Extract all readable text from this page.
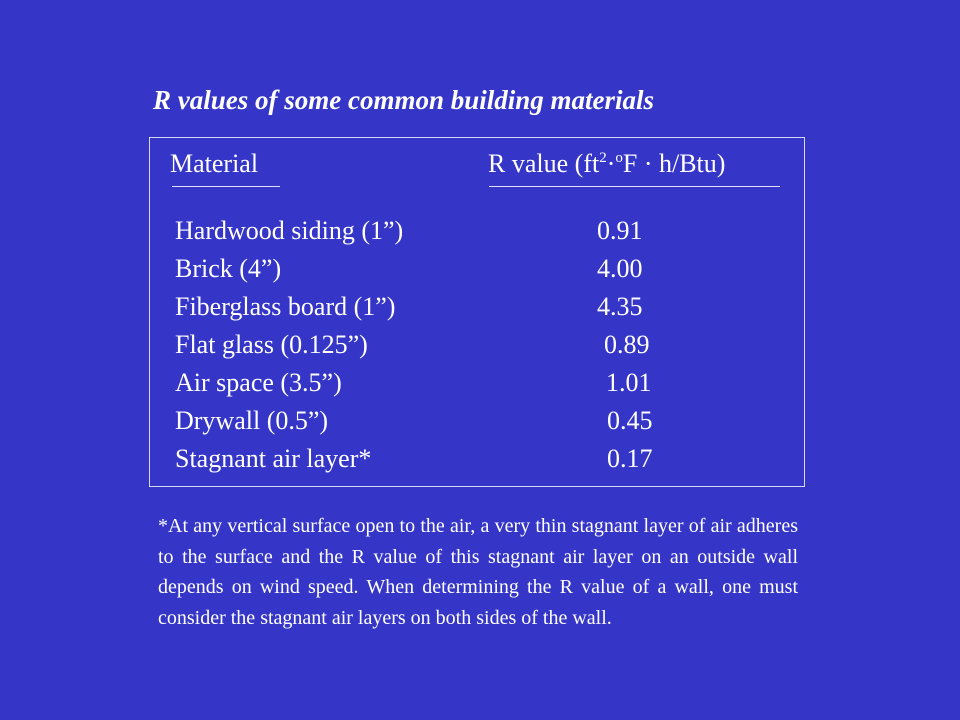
R values of some common building materials
Material	R value $(ft^2\cdot^oF \cdot h/Btu)$
Hardwood siding (1”)	0.91
Brick (4”)	4.00
Fiberglass board (1”)	4.35
Flat glass (0.125”)	0.89
Air space (3.5”)	1.01
Drywall (0.5”)	0.45
Stagnant air layer*	0.17
*At any vertical surface open to the air, a very thin stagnant layer of air adheres to the surface and the R value of this stagnant air layer on an outside wall depends on wind speed. When determining the R value of a wall, one must consider the stagnant air layers on both sides of the wall.
